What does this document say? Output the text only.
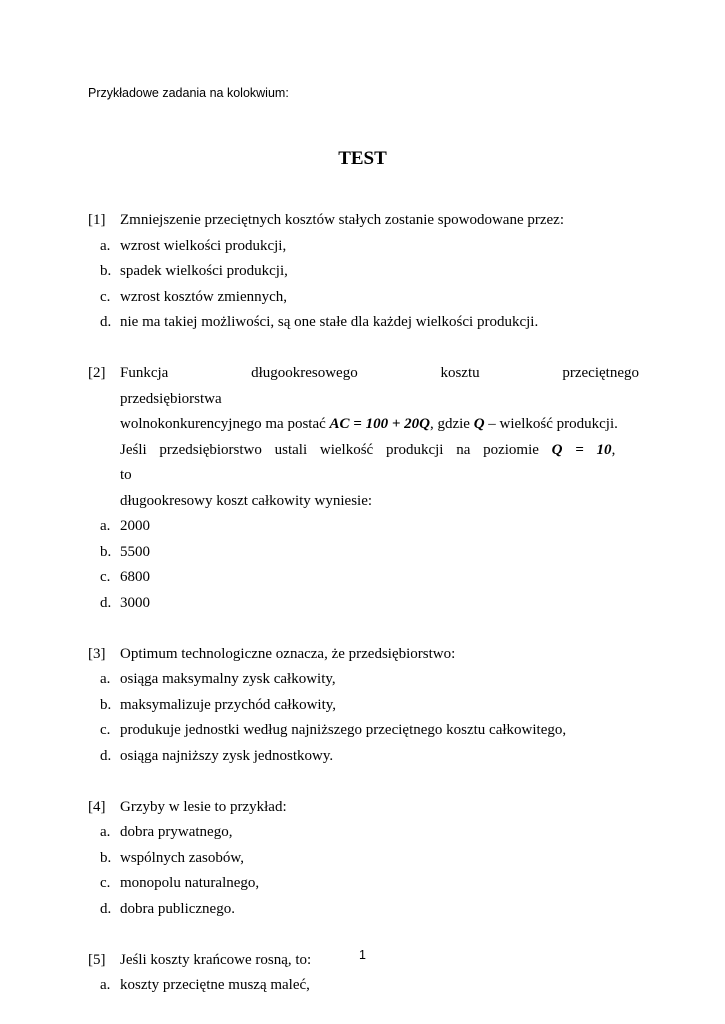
Przykładowe zadania na kolokwium:
TEST
[1] Zmniejszenie przeciętnych kosztów stałych zostanie spowodowane przez:
a. wzrost wielkości produkcji,
b. spadek wielkości produkcji,
c. wzrost kosztów zmiennych,
d. nie ma takiej możliwości, są one stałe dla każdej wielkości produkcji.
[2] Funkcja długookresowego kosztu przeciętnego przedsiębiorstwa
wolnokonkurencyjnego ma postać AC = 100 + 20Q, gdzie Q – wielkość produkcji.
Jeśli przedsiębiorstwo ustali wielkość produkcji na poziomie Q = 10, to
długookresowy koszt całkowity wyniesie:
a. 2000
b. 5500
c. 6800
d. 3000
[3] Optimum technologiczne oznacza, że przedsiębiorstwo:
a. osiąga maksymalny zysk całkowity,
b. maksymalizuje przychód całkowity,
c. produkuje jednostki według najniższego przeciętnego kosztu całkowitego,
d. osiąga najniższy zysk jednostkowy.
[4] Grzyby w lesie to przykład:
a. dobra prywatnego,
b. wspólnych zasobów,
c. monopolu naturalnego,
d. dobra publicznego.
[5] Jeśli koszty krańcowe rosną, to:
a. koszty przeciętne muszą maleć,
1
